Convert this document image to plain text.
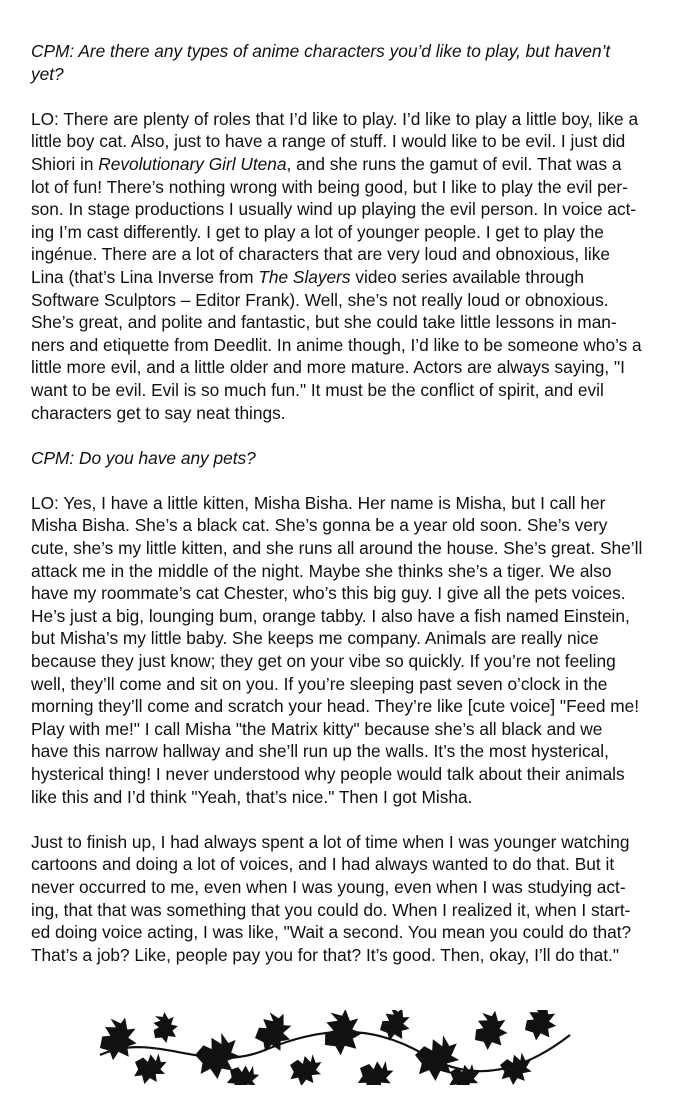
CPM: Are there any types of anime characters you’d like to play, but haven’t
yet?
LO: There are plenty of roles that I’d like to play. I’d like to play a little boy, like a
little boy cat. Also, just to have a range of stuff. I would like to be evil. I just did
Shiori in Revolutionary Girl Utena, and she runs the gamut of evil. That was a
lot of fun! There’s nothing wrong with being good, but I like to play the evil per-
son. In stage productions I usually wind up playing the evil person. In voice act-
ing I’m cast differently. I get to play a lot of younger people. I get to play the
ingénue. There are a lot of characters that are very loud and obnoxious, like
Lina (that’s Lina Inverse from The Slayers video series available through
Software Sculptors – Editor Frank). Well, she’s not really loud or obnoxious.
She’s great, and polite and fantastic, but she could take little lessons in man-
ners and etiquette from Deedlit. In anime though, I’d like to be someone who’s a
little more evil, and a little older and more mature. Actors are always saying, "I
want to be evil. Evil is so much fun." It must be the conflict of spirit, and evil
characters get to say neat things.
CPM: Do you have any pets?
LO: Yes, I have a little kitten, Misha Bisha. Her name is Misha, but I call her
Misha Bisha. She’s a black cat. She’s gonna be a year old soon. She’s very
cute, she’s my little kitten, and she runs all around the house. She’s great. She’ll
attack me in the middle of the night. Maybe she thinks she’s a tiger. We also
have my roommate’s cat Chester, who’s this big guy. I give all the pets voices.
He’s just a big, lounging bum, orange tabby. I also have a fish named Einstein,
but Misha’s my little baby. She keeps me company. Animals are really nice
because they just know; they get on your vibe so quickly. If you’re not feeling
well, they’ll come and sit on you. If you’re sleeping past seven o’clock in the
morning they’ll come and scratch your head. They’re like [cute voice] "Feed me!
Play with me!" I call Misha "the Matrix kitty" because she’s all black and we
have this narrow hallway and she’ll run up the walls. It’s the most hysterical,
hysterical thing! I never understood why people would talk about their animals
like this and I’d think "Yeah, that’s nice." Then I got Misha.
Just to finish up, I had always spent a lot of time when I was younger watching
cartoons and doing a lot of voices, and I had always wanted to do that. But it
never occurred to me, even when I was young, even when I was studying act-
ing, that that was something that you could do. When I realized it, when I start-
ed doing voice acting, I was like, "Wait a second. You mean you could do that?
That’s a job? Like, people pay you for that? It’s good. Then, okay, I’ll do that."
